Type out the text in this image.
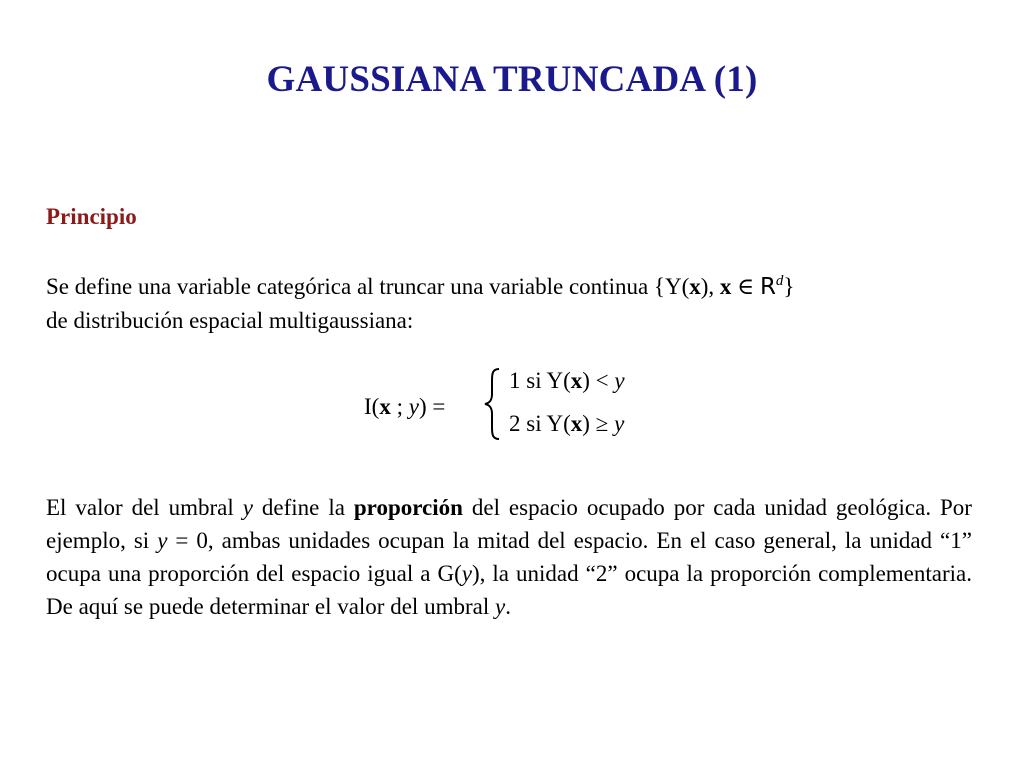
GAUSSIANA TRUNCADA (1)
Principio
Se define una variable categórica al truncar una variable continua {Y(x), x ∈ $R^d$}
de distribución espacial multigaussiana:
I(x ; y) =
1 si Y(x) < y
2 si Y(x) ≥ y
El valor del umbral y define la proporción del espacio ocupado por cada unidad geológica. Por ejemplo, si y = 0, ambas unidades ocupan la mitad del espacio. En el caso general, la unidad “1” ocupa una proporción del espacio igual a G(y), la unidad “2” ocupa la proporción complementaria. De aquí se puede determinar el valor del umbral y.
